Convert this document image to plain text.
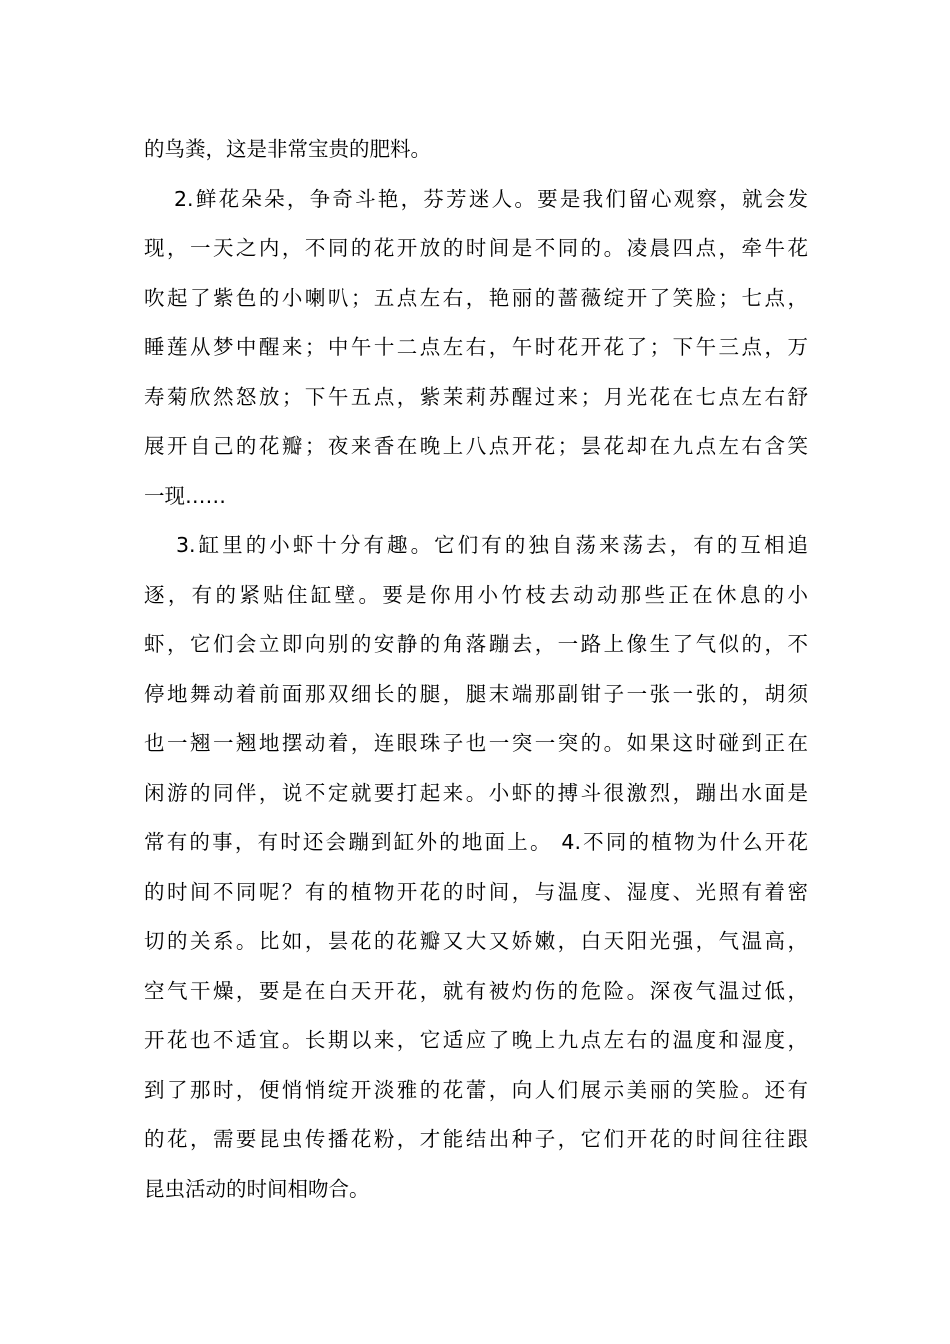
的鸟粪，这是非常宝贵的肥料。
2.鲜花朵朵，争奇斗艳，芬芳迷人。要是我们留心观察，就会发
现，一天之内，不同的花开放的时间是不同的。凌晨四点，牵牛花
吹起了紫色的小喇叭；五点左右，艳丽的蔷薇绽开了笑脸；七点，
睡莲从梦中醒来；中午十二点左右，午时花开花了；下午三点，万
寿菊欣然怒放；下午五点，紫茉莉苏醒过来；月光花在七点左右舒
展开自己的花瓣；夜来香在晚上八点开花；昙花却在九点左右含笑
一现……
3.缸里的小虾十分有趣。它们有的独自荡来荡去，有的互相追
逐，有的紧贴住缸壁。要是你用小竹枝去动动那些正在休息的小
虾，它们会立即向别的安静的角落蹦去，一路上像生了气似的，不
停地舞动着前面那双细长的腿，腿末端那副钳子一张一张的，胡须
也一翘一翘地摆动着，连眼珠子也一突一突的。如果这时碰到正在
闲游的同伴，说不定就要打起来。小虾的搏斗很激烈，蹦出水面是
常有的事，有时还会蹦到缸外的地面上。 4.不同的植物为什么开花
的时间不同呢？有的植物开花的时间，与温度、湿度、光照有着密
切的关系。比如，昙花的花瓣又大又娇嫩，白天阳光强，气温高，
空气干燥，要是在白天开花，就有被灼伤的危险。深夜气温过低，
开花也不适宜。长期以来，它适应了晚上九点左右的温度和湿度，
到了那时，便悄悄绽开淡雅的花蕾，向人们展示美丽的笑脸。还有
的花，需要昆虫传播花粉，才能结出种子，它们开花的时间往往跟
昆虫活动的时间相吻合。
